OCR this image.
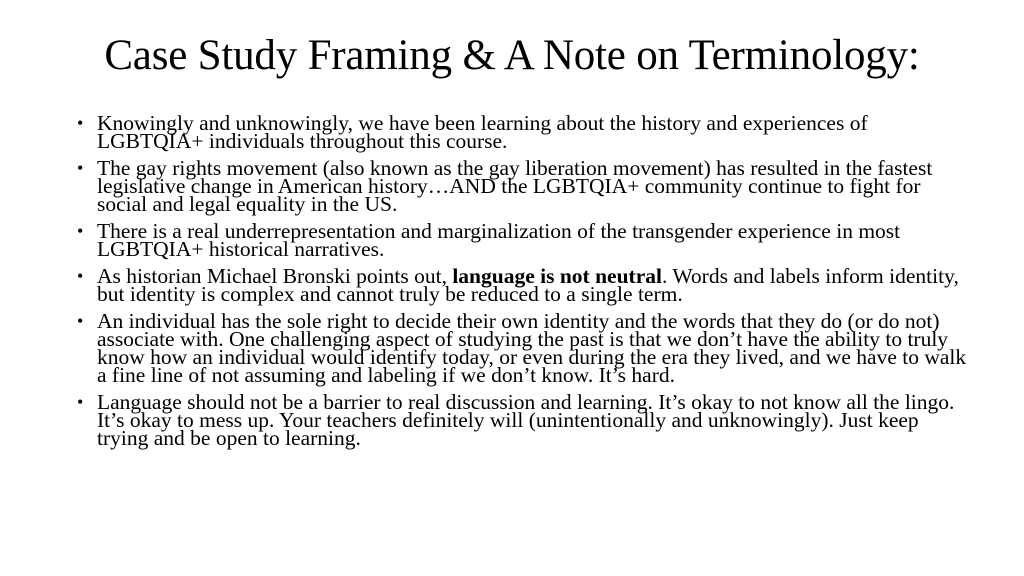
Case Study Framing & A Note on Terminology:
• Knowingly and unknowingly, we have been learning about the history and experiences of LGBTQIA+ individuals throughout this course.
• The gay rights movement (also known as the gay liberation movement) has resulted in the fastest legislative change in American history…AND the LGBTQIA+ community continue to fight for social and legal equality in the US.
• There is a real underrepresentation and marginalization of the transgender experience in most LGBTQIA+ historical narratives.
• As historian Michael Bronski points out, language is not neutral. Words and labels inform identity, but identity is complex and cannot truly be reduced to a single term.
• An individual has the sole right to decide their own identity and the words that they do (or do not) associate with. One challenging aspect of studying the past is that we don’t have the ability to truly know how an individual would identify today, or even during the era they lived, and we have to walk a fine line of not assuming and labeling if we don’t know. It’s hard.
• Language should not be a barrier to real discussion and learning. It’s okay to not know all the lingo. It’s okay to mess up. Your teachers definitely will (unintentionally and unknowingly). Just keep trying and be open to learning.
